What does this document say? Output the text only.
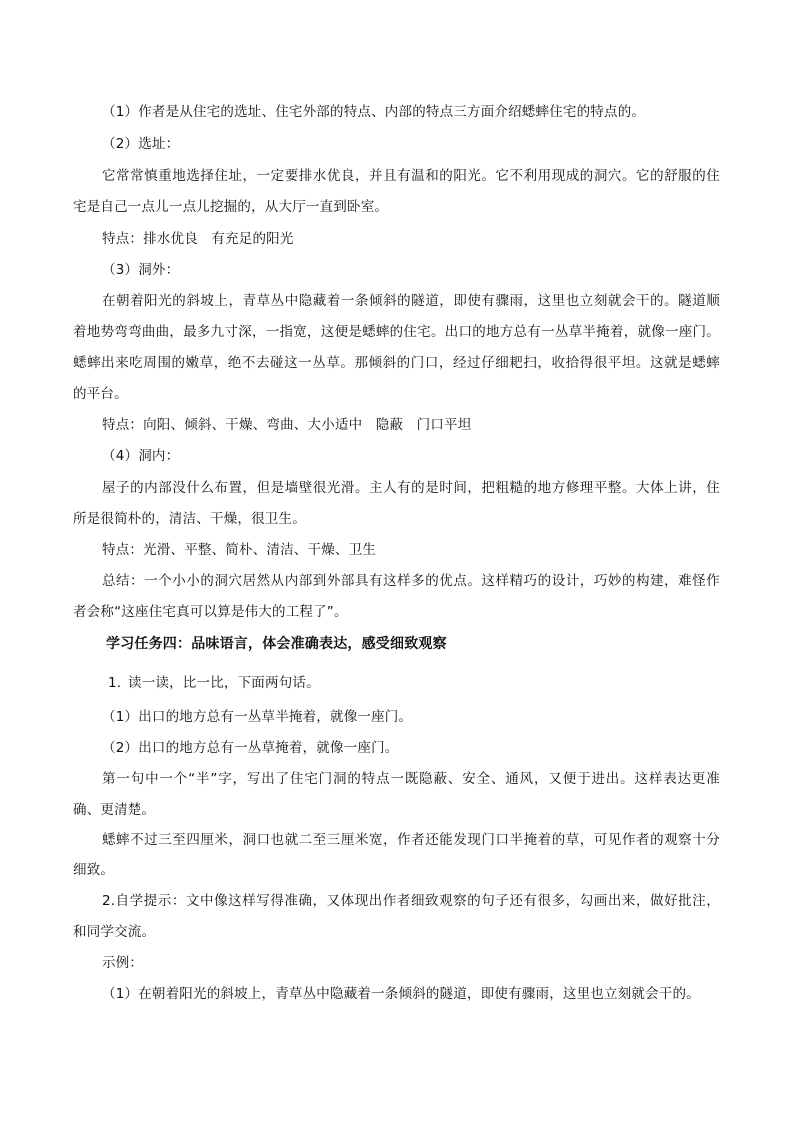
（1）作者是从住宅的选址、住宅外部的特点、内部的特点三方面介绍蟋蟀住宅的特点的。

（2）选址：

它常常慎重地选择住址，一定要排水优良，并且有温和的阳光。它不利用现成的洞穴。它的舒服的住

宅是自己一点儿一点儿挖掘的，从大厅一直到卧室。

特点：排水优良   有充足的阳光

（3）洞外：

在朝着阳光的斜坡上，青草丛中隐藏着一条倾斜的隧道，即使有骤雨，这里也立刻就会干的。隧道顺

着地势弯弯曲曲，最多九寸深，一指宽，这便是蟋蟀的住宅。出口的地方总有一丛草半掩着，就像一座门。

蟋蟀出来吃周围的嫩草，绝不去碰这一丛草。那倾斜的门口，经过仔细耙扫，收拾得很平坦。这就是蟋蟀

的平台。

特点：向阳、倾斜、干燥、弯曲、大小适中   隐蔽   门口平坦

（4）洞内：

屋子的内部没什么布置，但是墙壁很光滑。主人有的是时间，把粗糙的地方修理平整。大体上讲，住

所是很简朴的，清洁、干燥，很卫生。

特点：光滑、平整、简朴、清洁、干燥、卫生

总结：一个小小的洞穴居然从内部到外部具有这样多的优点。这样精巧的设计，巧妙的构建，难怪作

者会称“这座住宅真可以算是伟大的工程了”。

学习任务四：品味语言，体会准确表达，感受细致观察

1. 读一读，比一比，下面两句话。

（1）出口的地方总有一丛草半掩着，就像一座门。

（2）出口的地方总有一丛草掩着，就像一座门。

第一句中一个“半”字，写出了住宅门洞的特点一既隐蔽、安全、通风，又便于进出。这样表达更准

确、更清楚。

蟋蟀不过三至四厘米，洞口也就二至三厘米宽，作者还能发现门口半掩着的草，可见作者的观察十分

细致。

2.自学提示：文中像这样写得准确，又体现出作者细致观察的句子还有很多，勾画出来，做好批注，

和同学交流。

示例：

（1）在朝着阳光的斜坡上，青草丛中隐藏着一条倾斜的隧道，即使有骤雨，这里也立刻就会干的。
